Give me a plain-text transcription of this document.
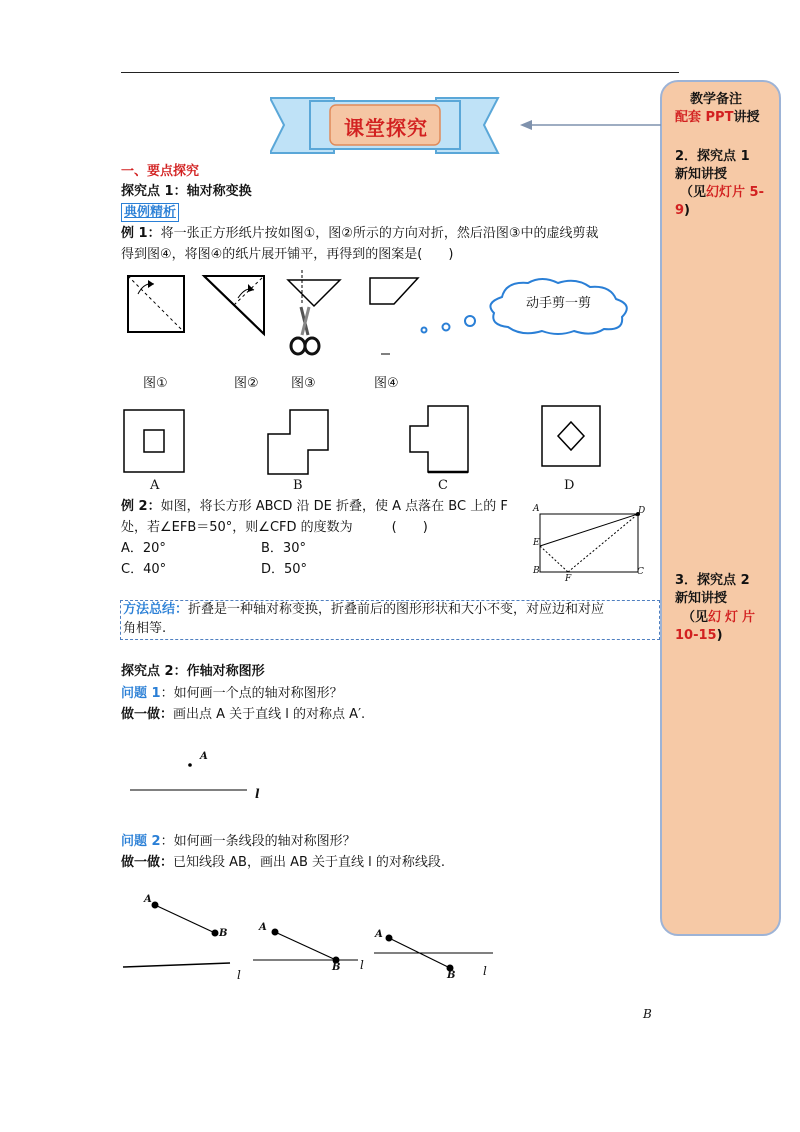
教学备注
配套 PPT讲授
2．探究点 1
新知讲授
（见幻灯片 5-
9)
3．探究点 2
新知讲授
（见幻灯片
10-15)
课堂探究
一、要点探究
探究点 1：轴对称变换
典例精析
例 1：将一张正方形纸片按如图①，图②所示的方向对折，然后沿图③中的虚线剪裁
得到图④，将图④的纸片展开铺平，再得到的图案是(　　)
动手剪一剪
图①	图② 图③	图④
A	B	C	D
例 2：如图，将长方形 ABCD 沿 DE 折叠，使 A 点落在 BC 上的 F
处，若∠EFB＝50°，则∠CFD 的度数为　　　(　　)
A．20°	B．30°
C．40°	D．50°
A	D
E
B
F
C
方法总结：折叠是一种轴对称变换，折叠前后的图形形状和大小不变，对应边和对应
角相等.
探究点 2：作轴对称图形
问题 1：如何画一个点的轴对称图形？
做一做：画出点 A 关于直线 l 的对称点 A′.
A
l
问题 2：如何画一条线段的轴对称图形？
做一做：已知线段 AB，画出 AB 关于直线 l 的对称线段.
A
B
l
A
B l
A
B l
B
